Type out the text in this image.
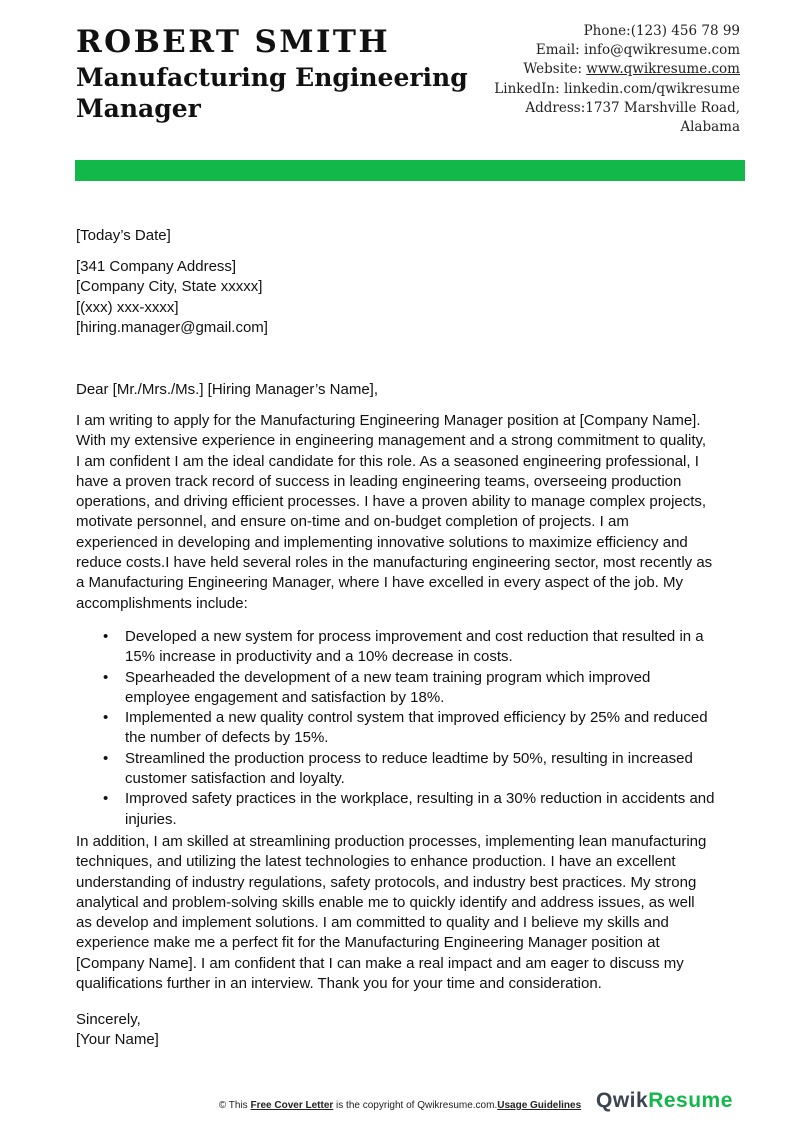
ROBERT SMITH
Manufacturing Engineering Manager
Phone:(123) 456 78 99
Email: info@qwikresume.com
Website: www.qwikresume.com
LinkedIn: linkedin.com/qwikresume
Address:1737 Marshville Road,
Alabama
[Today’s Date]
[341 Company Address]
[Company City, State xxxxx]
[(xxx) xxx-xxxx]
[hiring.manager@gmail.com]
Dear [Mr./Mrs./Ms.] [Hiring Manager’s Name],
I am writing to apply for the Manufacturing Engineering Manager position at [Company Name].
With my extensive experience in engineering management and a strong commitment to quality,
I am confident I am the ideal candidate for this role. As a seasoned engineering professional, I
have a proven track record of success in leading engineering teams, overseeing production
operations, and driving efficient processes. I have a proven ability to manage complex projects,
motivate personnel, and ensure on-time and on-budget completion of projects. I am
experienced in developing and implementing innovative solutions to maximize efficiency and
reduce costs.I have held several roles in the manufacturing engineering sector, most recently as
a Manufacturing Engineering Manager, where I have excelled in every aspect of the job. My
accomplishments include:
• Developed a new system for process improvement and cost reduction that resulted in a
15% increase in productivity and a 10% decrease in costs.
• Spearheaded the development of a new team training program which improved
employee engagement and satisfaction by 18%.
• Implemented a new quality control system that improved efficiency by 25% and reduced
the number of defects by 15%.
• Streamlined the production process to reduce leadtime by 50%, resulting in increased
customer satisfaction and loyalty.
• Improved safety practices in the workplace, resulting in a 30% reduction in accidents and
injuries.
In addition, I am skilled at streamlining production processes, implementing lean manufacturing
techniques, and utilizing the latest technologies to enhance production. I have an excellent
understanding of industry regulations, safety protocols, and industry best practices. My strong
analytical and problem-solving skills enable me to quickly identify and address issues, as well
as develop and implement solutions. I am committed to quality and I believe my skills and
experience make me a perfect fit for the Manufacturing Engineering Manager position at
[Company Name]. I am confident that I can make a real impact and am eager to discuss my
qualifications further in an interview. Thank you for your time and consideration.
Sincerely,
[Your Name]
QwikResume
© This Free Cover Letter is the copyright of Qwikresume.com.Usage Guidelines
